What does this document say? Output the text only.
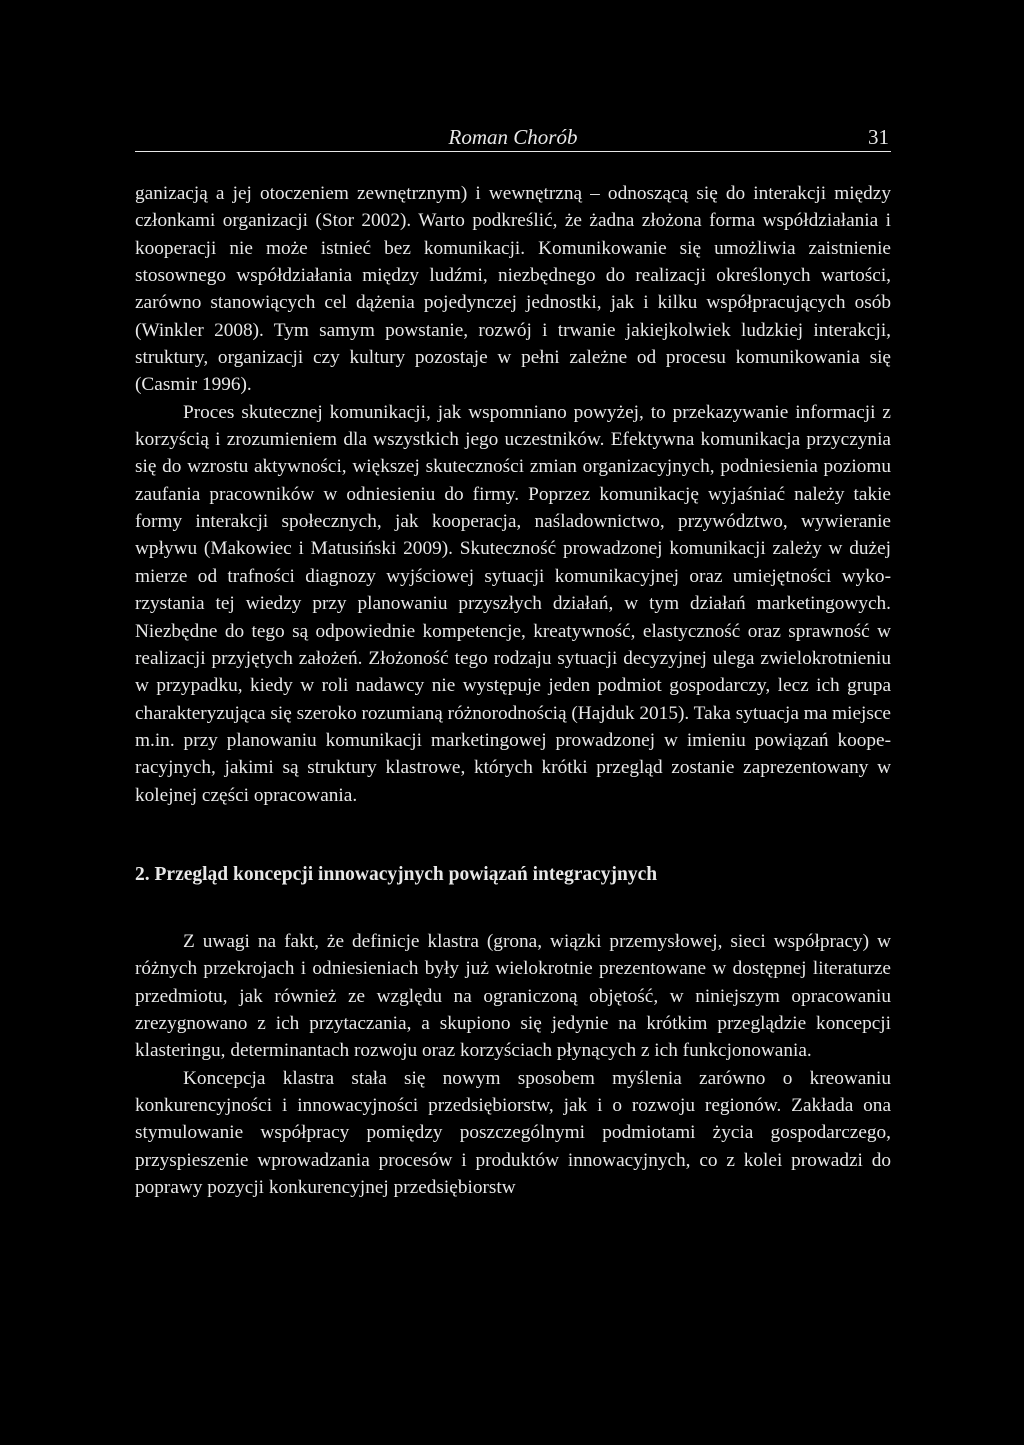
Roman Chorób	31

ganizacją a jej otoczeniem zewnętrznym) i wewnętrzną – odnoszącą się do interakcji między członkami organizacji (Stor 2002). Warto podkreślić, że żadna złożona forma współdziałania i kooperacji nie może istnieć bez komunikacji. Komunikowanie się umożliwia zaistnienie stosownego współdziałania między ludźmi, niezbędnego do realizacji określonych wartości, zarówno stanowiących cel dążenia pojedynczej jednostki, jak i kilku współpracujących osób (Winkler 2008). Tym samym powstanie, rozwój i trwanie jakiejkolwiek ludzkiej interakcji, struktury, organizacji czy kultury pozostaje w pełni zależne od procesu komunikowania się (Casmir 1996).

Proces skutecznej komunikacji, jak wspomniano powyżej, to przekazywanie informacji z korzyścią i zrozumieniem dla wszystkich jego uczestników. Efektywna komunikacja przyczynia się do wzrostu aktywności, większej skuteczności zmian organizacyjnych, podniesienia poziomu zaufania pracowników w odniesieniu do firmy. Poprzez komunikację wyjaśniać należy takie formy interakcji społecznych, jak kooperacja, naśladownictwo, przywództwo, wywieranie wpływu (Makowiec i Matusiński 2009). Skuteczność prowadzonej komunikacji zależy w dużej mierze od trafności diagnozy wyjściowej sytuacji komunikacyjnej oraz umiejętności wykorzystania tej wiedzy przy planowaniu przyszłych działań, w tym działań marketingowych. Niezbędne do tego są odpowiednie kompetencje, kreatywność, elastyczność oraz sprawność w realizacji przyjętych założeń. Złożoność tego rodzaju sytuacji decyzyjnej ulega zwielokrotnieniu w przypadku, kiedy w roli nadawcy nie występuje jeden podmiot gospodarczy, lecz ich grupa charakteryzująca się szeroko rozumianą różnorodnością (Hajduk 2015). Taka sytuacja ma miejsce m.in. przy planowaniu komunikacji marketingowej prowadzonej w imieniu powiązań kooperacyjnych, jakimi są struktury klastrowe, których krótki przegląd zostanie zaprezentowany w kolejnej części opracowania.

2. Przegląd koncepcji innowacyjnych powiązań integracyjnych

Z uwagi na fakt, że definicje klastra (grona, wiązki przemysłowej, sieci współpracy) w różnych przekrojach i odniesieniach były już wielokrotnie prezentowane w dostępnej literaturze przedmiotu, jak również ze względu na ograniczoną objętość, w niniejszym opracowaniu zrezygnowano z ich przytaczania, a skupiono się jedynie na krótkim przeglądzie koncepcji klasteringu, determinantach rozwoju oraz korzyściach płynących z ich funkcjonowania.

Koncepcja klastra stała się nowym sposobem myślenia zarówno o kreowaniu konkurencyjności i innowacyjności przedsiębiorstw, jak i o rozwoju regionów. Zakłada ona stymulowanie współpracy pomiędzy poszczególnymi podmiotami życia gospodarczego, przyspieszenie wprowadzania procesów i produktów innowacyjnych, co z kolei prowadzi do poprawy pozycji konkurencyjnej przedsiębiorstw
